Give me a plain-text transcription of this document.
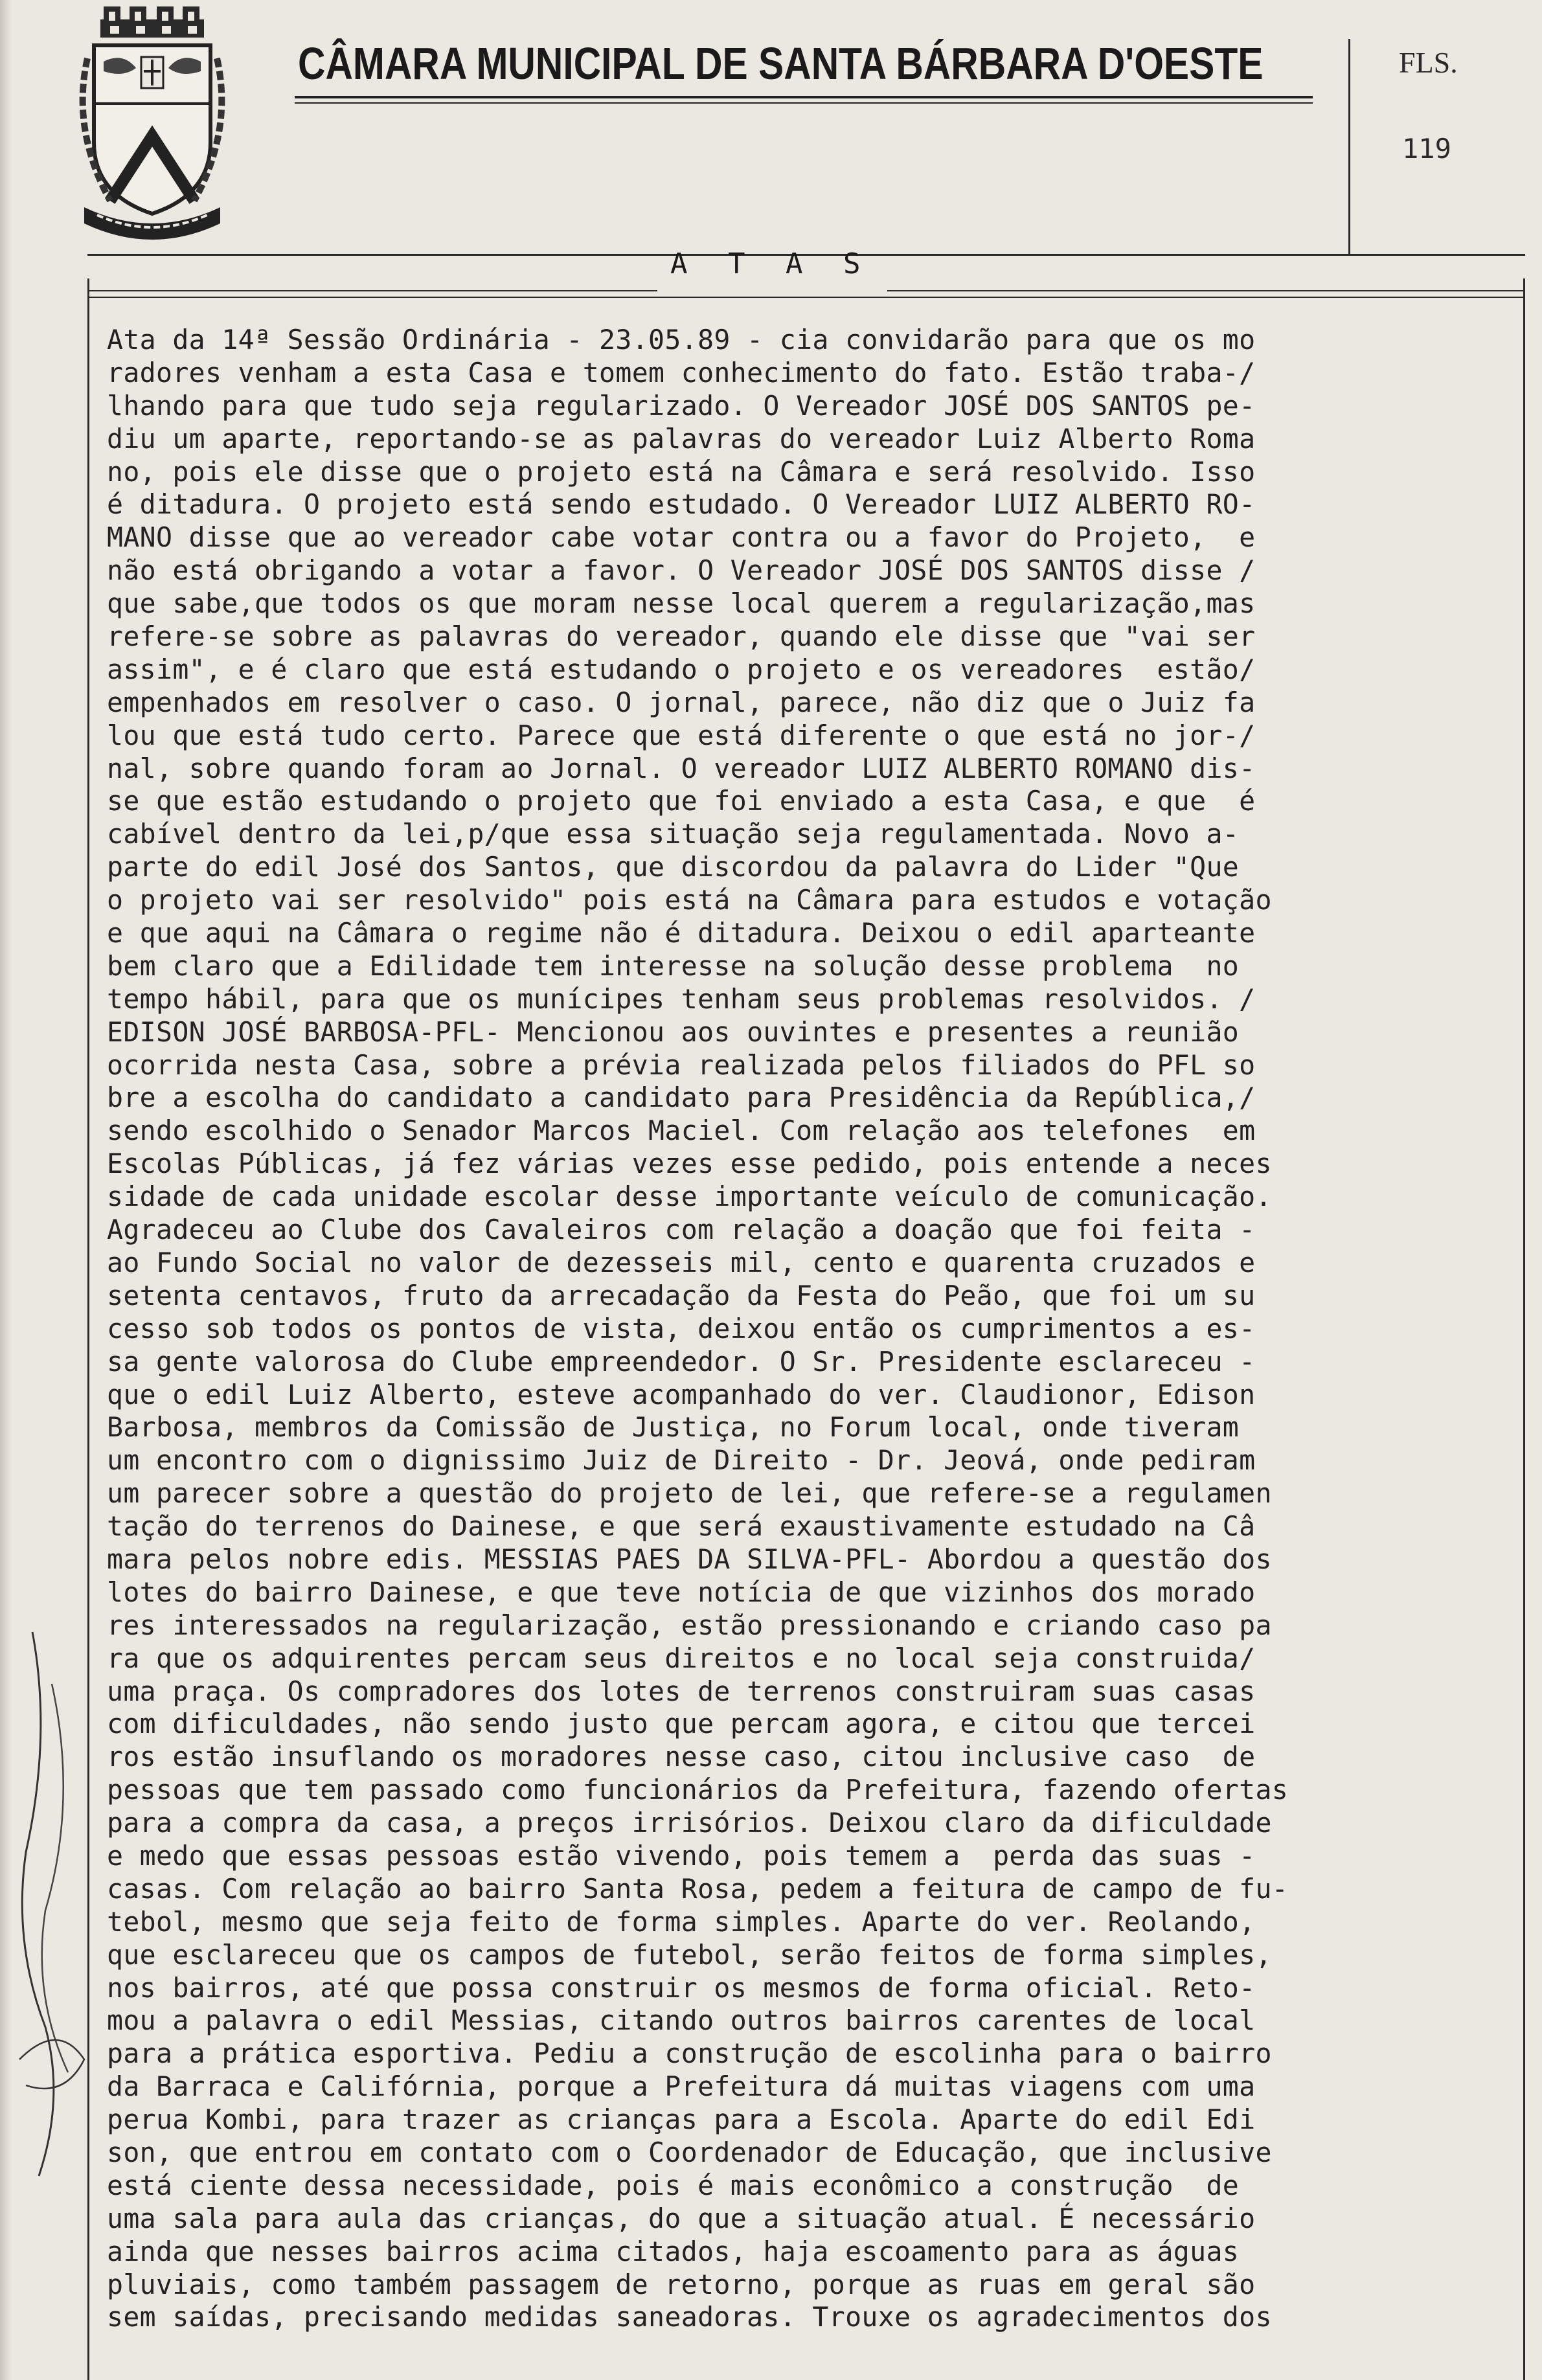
CÂMARA MUNICIPAL DE SANTA BÁRBARA D'OESTE	FLS.
119
A T A S
Ata da 14ª Sessão Ordinária - 23.05.89 - cia convidarão para que os mo
radores venham a esta Casa e tomem conhecimento do fato. Estão traba-/
lhando para que tudo seja regularizado. O Vereador JOSÉ DOS SANTOS pe-
diu um aparte, reportando-se as palavras do vereador Luiz Alberto Roma
no, pois ele disse que o projeto está na Câmara e será resolvido. Isso
é ditadura. O projeto está sendo estudado. O Vereador LUIZ ALBERTO RO-
MANO disse que ao vereador cabe votar contra ou a favor do Projeto,  e
não está obrigando a votar a favor. O Vereador JOSÉ DOS SANTOS disse /
que sabe,que todos os que moram nesse local querem a regularização,mas
refere-se sobre as palavras do vereador, quando ele disse que "vai ser
assim", e é claro que está estudando o projeto e os vereadores  estão/
empenhados em resolver o caso. O jornal, parece, não diz que o Juiz fa
lou que está tudo certo. Parece que está diferente o que está no jor-/
nal, sobre quando foram ao Jornal. O vereador LUIZ ALBERTO ROMANO dis-
se que estão estudando o projeto que foi enviado a esta Casa, e que  é
cabível dentro da lei,p/que essa situação seja regulamentada. Novo a-
parte do edil José dos Santos, que discordou da palavra do Lider "Que
o projeto vai ser resolvido" pois está na Câmara para estudos e votação
e que aqui na Câmara o regime não é ditadura. Deixou o edil aparteante
bem claro que a Edilidade tem interesse na solução desse problema  no
tempo hábil, para que os munícipes tenham seus problemas resolvidos. /
EDISON JOSÉ BARBOSA-PFL- Mencionou aos ouvintes e presentes a reunião
ocorrida nesta Casa, sobre a prévia realizada pelos filiados do PFL so
bre a escolha do candidato a candidato para Presidência da República,/
sendo escolhido o Senador Marcos Maciel. Com relação aos telefones  em
Escolas Públicas, já fez várias vezes esse pedido, pois entende a neces
sidade de cada unidade escolar desse importante veículo de comunicação.
Agradeceu ao Clube dos Cavaleiros com relação a doação que foi feita -
ao Fundo Social no valor de dezesseis mil, cento e quarenta cruzados e
setenta centavos, fruto da arrecadação da Festa do Peão, que foi um su
cesso sob todos os pontos de vista, deixou então os cumprimentos a es-
sa gente valorosa do Clube empreendedor. O Sr. Presidente esclareceu -
que o edil Luiz Alberto, esteve acompanhado do ver. Claudionor, Edison
Barbosa, membros da Comissão de Justiça, no Forum local, onde tiveram
um encontro com o dignissimo Juiz de Direito - Dr. Jeová, onde pediram
um parecer sobre a questão do projeto de lei, que refere-se a regulamen
tação do terrenos do Dainese, e que será exaustivamente estudado na Câ
mara pelos nobre edis. MESSIAS PAES DA SILVA-PFL- Abordou a questão dos
lotes do bairro Dainese, e que teve notícia de que vizinhos dos morado
res interessados na regularização, estão pressionando e criando caso pa
ra que os adquirentes percam seus direitos e no local seja construida/
uma praça. Os compradores dos lotes de terrenos construiram suas casas
com dificuldades, não sendo justo que percam agora, e citou que tercei
ros estão insuflando os moradores nesse caso, citou inclusive caso  de
pessoas que tem passado como funcionários da Prefeitura, fazendo ofertas
para a compra da casa, a preços irrisórios. Deixou claro da dificuldade
e medo que essas pessoas estão vivendo, pois temem a  perda das suas -
casas. Com relação ao bairro Santa Rosa, pedem a feitura de campo de fu-
tebol, mesmo que seja feito de forma simples. Aparte do ver. Reolando,
que esclareceu que os campos de futebol, serão feitos de forma simples,
nos bairros, até que possa construir os mesmos de forma oficial. Reto-
mou a palavra o edil Messias, citando outros bairros carentes de local
para a prática esportiva. Pediu a construção de escolinha para o bairro
da Barraca e Califórnia, porque a Prefeitura dá muitas viagens com uma
perua Kombi, para trazer as crianças para a Escola. Aparte do edil Edi
son, que entrou em contato com o Coordenador de Educação, que inclusive
está ciente dessa necessidade, pois é mais econômico a construção  de
uma sala para aula das crianças, do que a situação atual. É necessário
ainda que nesses bairros acima citados, haja escoamento para as águas
pluviais, como também passagem de retorno, porque as ruas em geral são
sem saídas, precisando medidas saneadoras. Trouxe os agradecimentos dos
